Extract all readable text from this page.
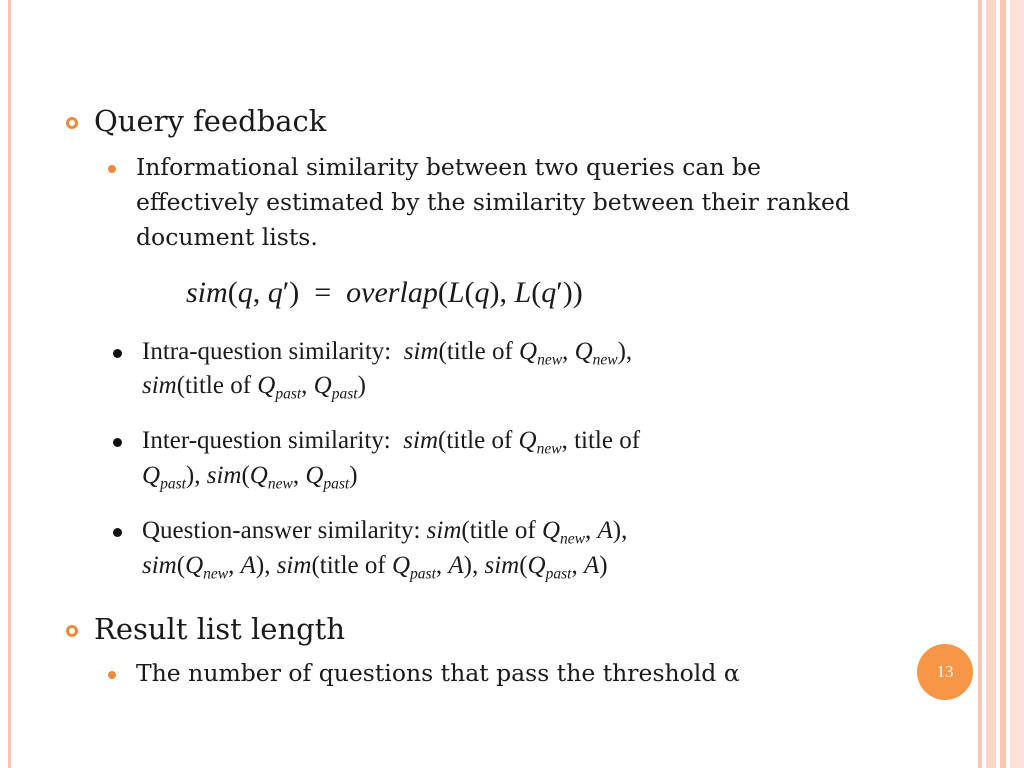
Query feedback
Informational similarity between two queries can be effectively estimated by the similarity between their ranked document lists.
sim(q, q′)  =  overlap(L(q), L(q′))
Intra-question similarity: sim(title of $Q_{new}$, $Q_{new}$),
sim(title of $Q_{past}$, $Q_{past}$)
Inter-question similarity: sim(title of $Q_{new}$, title of
$Q_{past}$), $sim(Q_{new}$, $Q_{past}$)
Question-answer similarity: sim(title of $Q_{new}$, A),
$sim(Q_{new}$, A), sim(title of $Q_{past}$, A), $sim(Q_{past}$, A)
Result list length
The number of questions that pass the threshold α	13
